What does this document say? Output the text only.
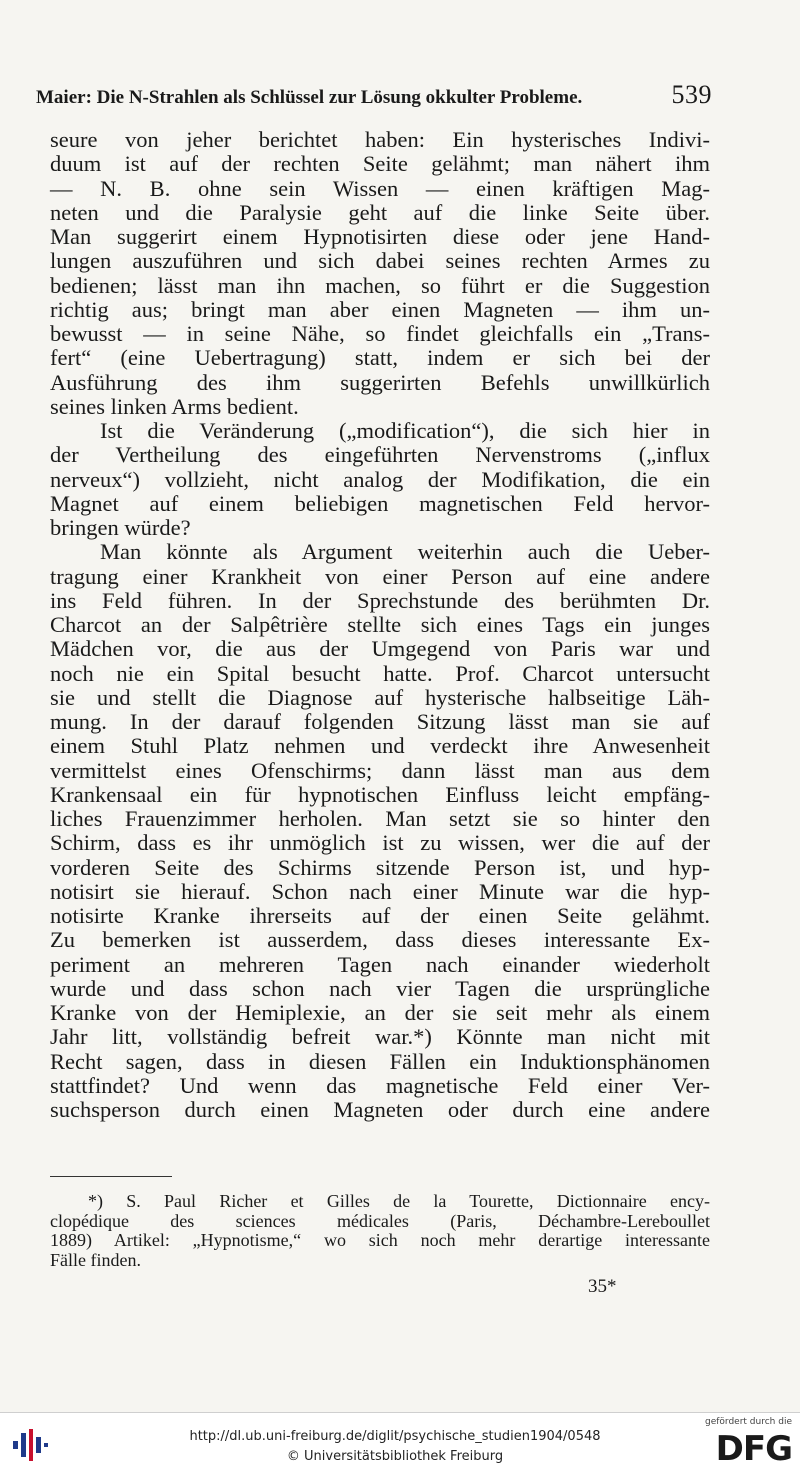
Maier: Die N-Strahlen als Schlüssel zur Lösung okkulter Probleme.	539
seure von jeher berichtet haben: Ein hysterisches Indivi-
duum ist auf der rechten Seite gelähmt; man nähert ihm
— N. B. ohne sein Wissen — einen kräftigen Mag-
neten und die Paralysie geht auf die linke Seite über.
Man suggerirt einem Hypnotisirten diese oder jene Hand-
lungen auszuführen und sich dabei seines rechten Armes zu
bedienen; lässt man ihn machen, so führt er die Suggestion
richtig aus; bringt man aber einen Magneten — ihm un-
bewusst — in seine Nähe, so findet gleichfalls ein „Trans-
fert“ (eine Uebertragung) statt, indem er sich bei der
Ausführung des ihm suggerirten Befehls unwillkürlich
seines linken Arms bedient.
Ist die Veränderung („modification“), die sich hier in
der Vertheilung des eingeführten Nervenstroms („influx
nerveux“) vollzieht, nicht analog der Modifikation, die ein
Magnet auf einem beliebigen magnetischen Feld hervor-
bringen würde?
Man könnte als Argument weiterhin auch die Ueber-
tragung einer Krankheit von einer Person auf eine andere
ins Feld führen. In der Sprechstunde des berühmten Dr.
Charcot an der Salpêtrière stellte sich eines Tags ein junges
Mädchen vor, die aus der Umgegend von Paris war und
noch nie ein Spital besucht hatte. Prof. Charcot untersucht
sie und stellt die Diagnose auf hysterische halbseitige Läh-
mung. In der darauf folgenden Sitzung lässt man sie auf
einem Stuhl Platz nehmen und verdeckt ihre Anwesenheit
vermittelst eines Ofenschirms; dann lässt man aus dem
Krankensaal ein für hypnotischen Einfluss leicht empfäng-
liches Frauenzimmer herholen. Man setzt sie so hinter den
Schirm, dass es ihr unmöglich ist zu wissen, wer die auf der
vorderen Seite des Schirms sitzende Person ist, und hyp-
notisirt sie hierauf. Schon nach einer Minute war die hyp-
notisirte Kranke ihrerseits auf der einen Seite gelähmt.
Zu bemerken ist ausserdem, dass dieses interessante Ex-
periment an mehreren Tagen nach einander wiederholt
wurde und dass schon nach vier Tagen die ursprüngliche
Kranke von der Hemiplexie, an der sie seit mehr als einem
Jahr litt, vollständig befreit war.*) Könnte man nicht mit
Recht sagen, dass in diesen Fällen ein Induktionsphänomen
stattfindet? Und wenn das magnetische Feld einer Ver-
suchsperson durch einen Magneten oder durch eine andere
*) S. Paul Richer et Gilles de la Tourette, Dictionnaire ency-
clopédique des sciences médicales (Paris, Déchambre-Lereboullet
1889) Artikel: „Hypnotisme,“ wo sich noch mehr derartige interessante
Fälle finden.
35*
http://dl.ub.uni-freiburg.de/diglit/psychische_studien1904/0548
© Universitätsbibliothek Freiburg
gefördert durch die
DFG
